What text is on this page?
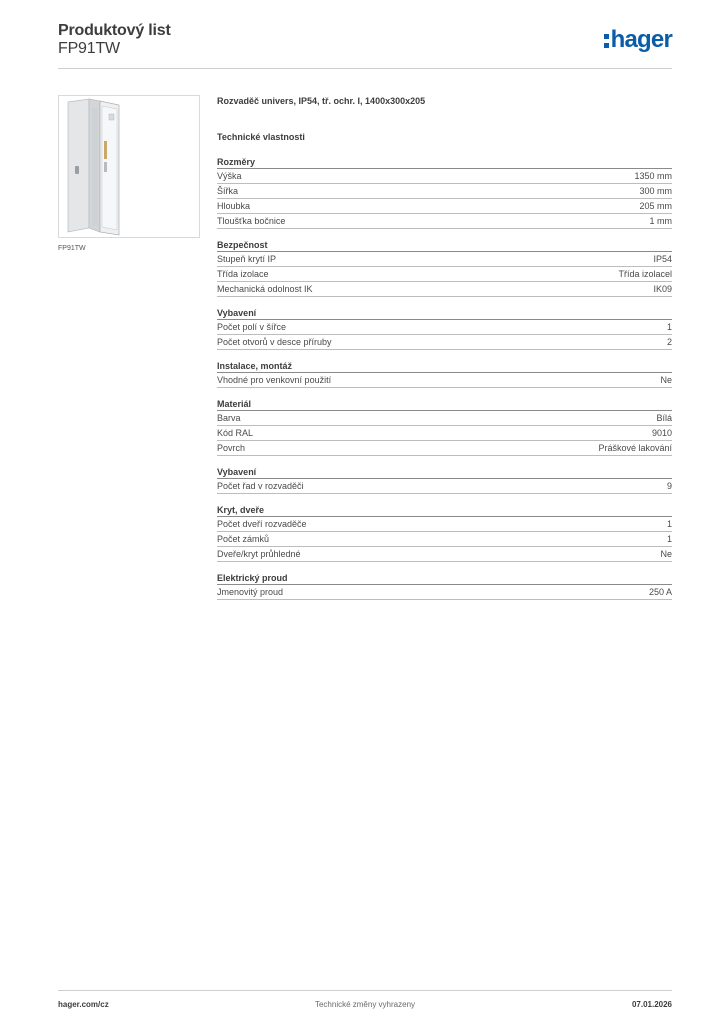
Produktový list
FP91TW	hager
FP91TW
Rozvaděč univers, IP54, tř. ochr. I, 1400x300x205
Technické vlastnosti
Rozměry
Výška	1350 mm
Šířka	300 mm
Hloubka	205 mm
Tloušťka bočnice	1 mm
Bezpečnost
Stupeň krytí IP	IP54
Třída izolace	Třída izolacel
Mechanická odolnost IK	IK09
Vybavení
Počet polí v šířce	1
Počet otvorů v desce příruby	2
Instalace, montáž
Vhodné pro venkovní použití	Ne
Materiál
Barva	Bílá
Kód RAL	9010
Povrch	Práškové lakování
Vybavení
Počet řad v rozvaděči	9
Kryt, dveře
Počet dveří rozvaděče	1
Počet zámků	1
Dveře/kryt průhledné	Ne
Elektrický proud
Jmenovitý proud	250 A
hager.com/cz	Technické změny vyhrazeny	07.01.2026
